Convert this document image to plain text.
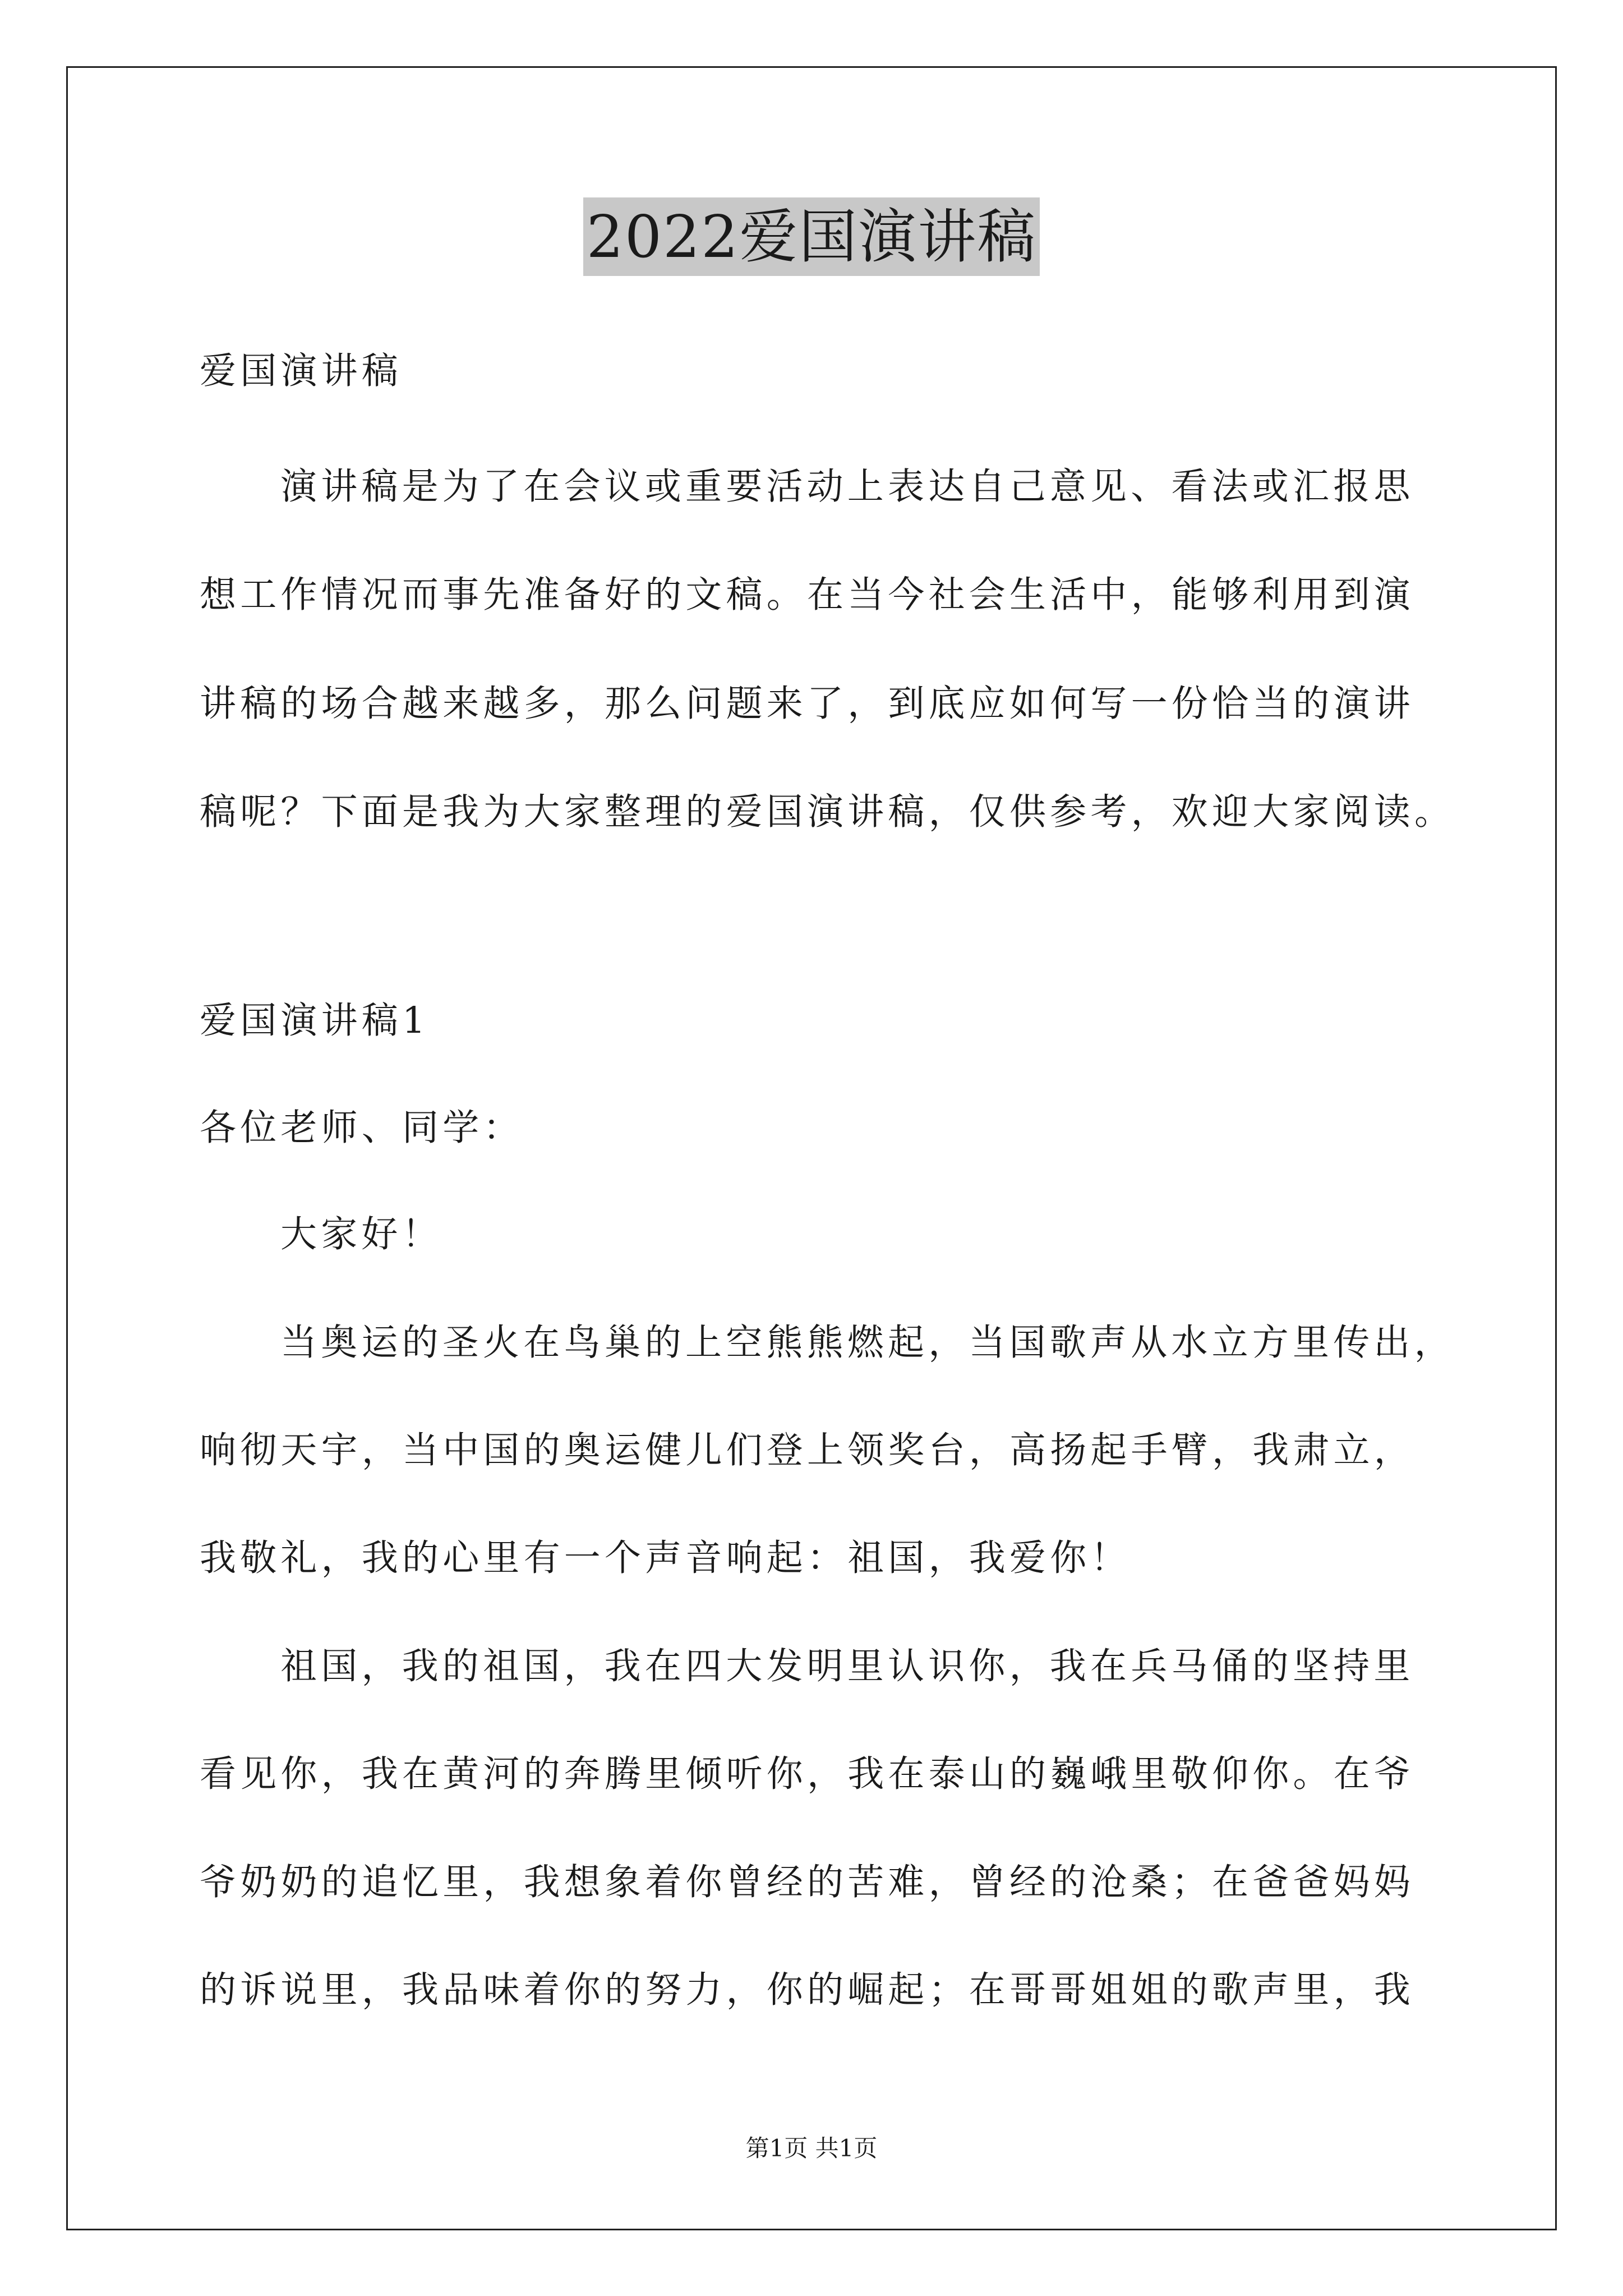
2022爱国演讲稿
爱国演讲稿
演讲稿是为了在会议或重要活动上表达自己意见、看法或汇报思
想工作情况而事先准备好的文稿。在当今社会生活中，能够利用到演
讲稿的场合越来越多，那么问题来了，到底应如何写一份恰当的演讲
稿呢？下面是我为大家整理的爱国演讲稿，仅供参考，欢迎大家阅读。
爱国演讲稿1
各位老师、同学：
大家好！
当奥运的圣火在鸟巢的上空熊熊燃起，当国歌声从水立方里传出，
响彻天宇，当中国的奥运健儿们登上领奖台，高扬起手臂，我肃立，
我敬礼，我的心里有一个声音响起：祖国，我爱你！
祖国，我的祖国，我在四大发明里认识你，我在兵马俑的坚持里
看见你，我在黄河的奔腾里倾听你，我在泰山的巍峨里敬仰你。在爷
爷奶奶的追忆里，我想象着你曾经的苦难，曾经的沧桑；在爸爸妈妈
的诉说里，我品味着你的努力，你的崛起；在哥哥姐姐的歌声里，我
第1页 共1页
